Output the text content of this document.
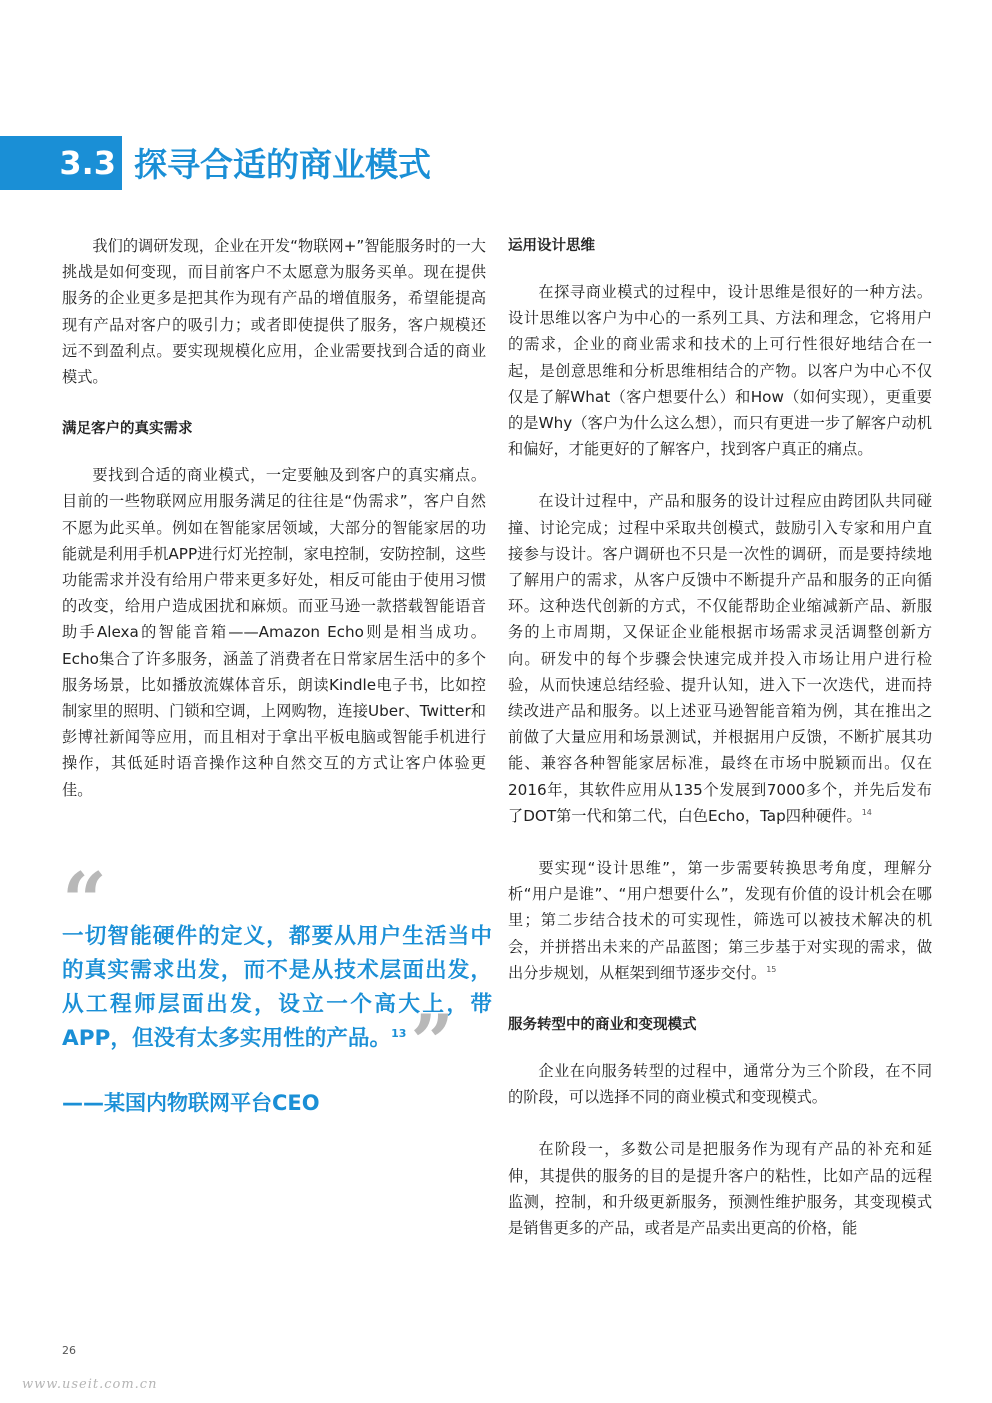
3.3 探寻合适的商业模式

我们的调研发现，企业在开发“物联网+”智能服务时的一大挑战是如何变现，而目前客户不太愿意为服务买单。现在提供服务的企业更多是把其作为现有产品的增值服务，希望能提高现有产品对客户的吸引力；或者即使提供了服务，客户规模还远不到盈利点。要实现规模化应用，企业需要找到合适的商业模式。

满足客户的真实需求

要找到合适的商业模式，一定要触及到客户的真实痛点。目前的一些物联网应用服务满足的往往是“伪需求”，客户自然不愿为此买单。例如在智能家居领域，大部分的智能家居的功能就是利用手机APP进行灯光控制，家电控制，安防控制，这些功能需求并没有给用户带来更多好处，相反可能由于使用习惯的改变，给用户造成困扰和麻烦。而亚马逊一款搭载智能语音助手Alexa的智能音箱——Amazon Echo则是相当成功。Echo集合了许多服务，涵盖了消费者在日常家居生活中的多个服务场景，比如播放流媒体音乐，朗读Kindle电子书，比如控制家里的照明、门锁和空调，上网购物，连接Uber、Twitter和彭博社新闻等应用，而且相对于拿出平板电脑或智能手机进行操作，其低延时语音操作这种自然交互的方式让客户体验更佳。

“
一切智能硬件的定义，都要从用户生活当中的真实需求出发，而不是从技术层面出发，从工程师层面出发，设立一个高大上，带APP，但没有太多实用性的产品。$^{13}$”
——某国内物联网平台CEO
运用设计思维

在探寻商业模式的过程中，设计思维是很好的一种方法。设计思维以客户为中心的一系列工具、方法和理念，它将用户的需求，企业的商业需求和技术的上可行性很好地结合在一起，是创意思维和分析思维相结合的产物。以客户为中心不仅仅是了解What（客户想要什么）和How（如何实现），更重要的是Why（客户为什么这么想），而只有更进一步了解客户动机和偏好，才能更好的了解客户，找到客户真正的痛点。

在设计过程中，产品和服务的设计过程应由跨团队共同碰撞、讨论完成；过程中采取共创模式，鼓励引入专家和用户直接参与设计。客户调研也不只是一次性的调研，而是要持续地了解用户的需求，从客户反馈中不断提升产品和服务的正向循环。这种迭代创新的方式，不仅能帮助企业缩减新产品、新服务的上市周期，又保证企业能根据市场需求灵活调整创新方向。研发中的每个步骤会快速完成并投入市场让用户进行检验，从而快速总结经验、提升认知，进入下一次迭代，进而持续改进产品和服务。以上述亚马逊智能音箱为例，其在推出之前做了大量应用和场景测试，并根据用户反馈，不断扩展其功能、兼容各种智能家居标准，最终在市场中脱颖而出。仅在2016年，其软件应用从135个发展到7000多个，并先后发布了DOT第一代和第二代，白色Echo，Tap四种硬件。$^{14}$

要实现“设计思维”，第一步需要转换思考角度，理解分析“用户是谁”、“用户想要什么”，发现有价值的设计机会在哪里；第二步结合技术的可实现性，筛选可以被技术解决的机会，并拼搭出未来的产品蓝图；第三步基于对实现的需求，做出分步规划，从框架到细节逐步交付。$^{15}$

服务转型中的商业和变现模式

企业在向服务转型的过程中，通常分为三个阶段，在不同的阶段，可以选择不同的商业模式和变现模式。

在阶段一，多数公司是把服务作为现有产品的补充和延伸，其提供的服务的目的是提升客户的粘性，比如产品的远程监测，控制，和升级更新服务，预测性维护服务，其变现模式是销售更多的产品，或者是产品卖出更高的价格，能

26
www.useit.com.cn
